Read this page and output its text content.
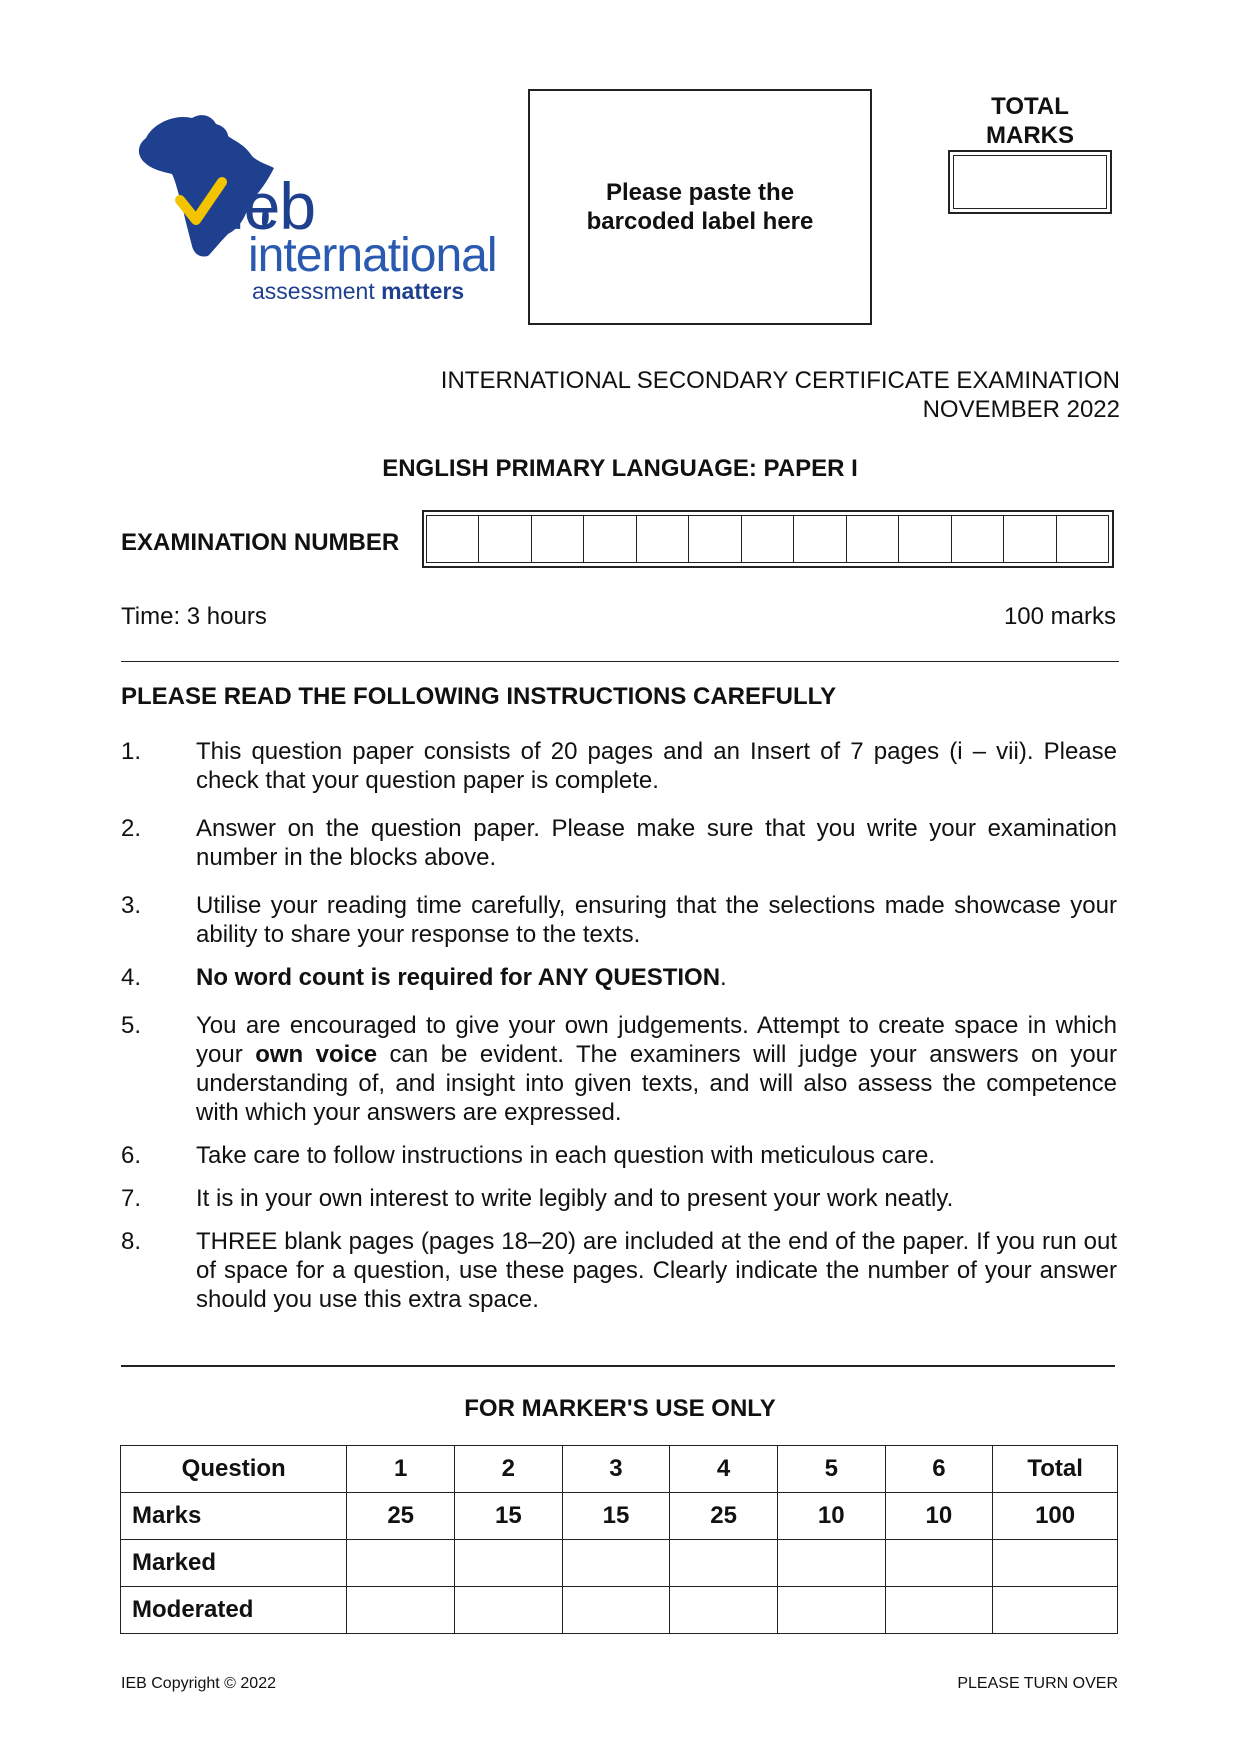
ieb
international
assessment matters
Please paste the
barcoded label here
TOTAL
MARKS
INTERNATIONAL SECONDARY CERTIFICATE EXAMINATION
NOVEMBER 2022
ENGLISH PRIMARY LANGUAGE: PAPER I
EXAMINATION NUMBER
Time: 3 hours	100 marks
PLEASE READ THE FOLLOWING INSTRUCTIONS CAREFULLY
1.	This question paper consists of 20 pages and an Insert of 7 pages (i – vii). Please check that your question paper is complete.
2.	Answer on the question paper. Please make sure that you write your examination number in the blocks above.
3.	Utilise your reading time carefully, ensuring that the selections made showcase your ability to share your response to the texts.
4.	No word count is required for ANY QUESTION.
5.	You are encouraged to give your own judgements. Attempt to create space in which your own voice can be evident. The examiners will judge your answers on your understanding of, and insight into given texts, and will also assess the competence with which your answers are expressed.
6.	Take care to follow instructions in each question with meticulous care.
7.	It is in your own interest to write legibly and to present your work neatly.
8.	THREE blank pages (pages 18–20) are included at the end of the paper. If you run out of space for a question, use these pages. Clearly indicate the number of your answer should you use this extra space.
FOR MARKER'S USE ONLY
Question	1	2	3	4	5	6	Total
Marks	25	15	15	25	10	10	100
Marked							
Moderated							
IEB Copyright © 2022	PLEASE TURN OVER
